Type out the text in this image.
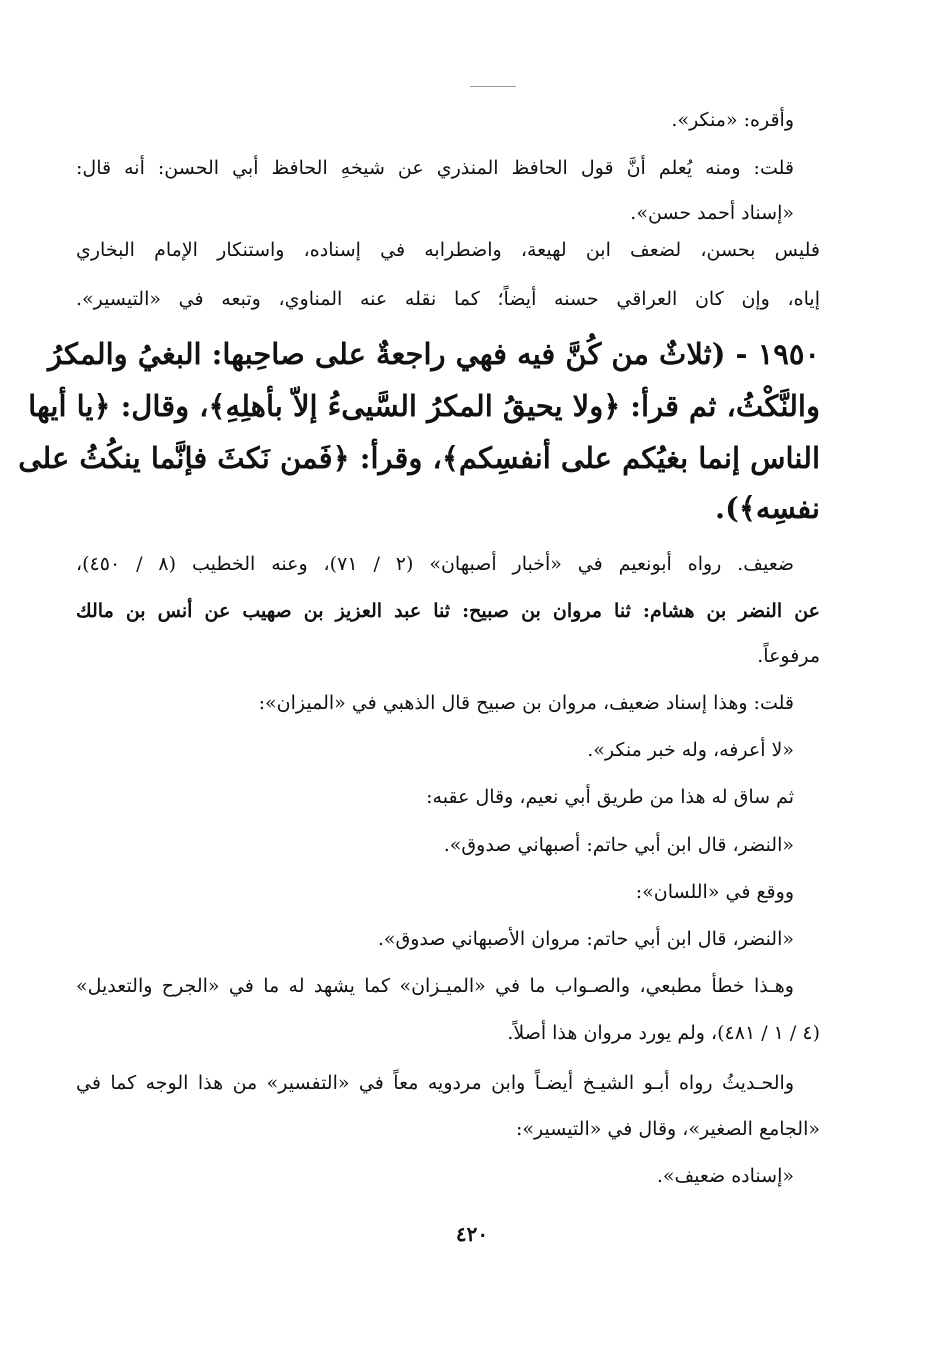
وأقره: «منكر».
قلت: ومنه يُعلم أنَّ قول الحافظ المنذري عن شيخهِ الحافظ أبي الحسن: أنه قال:
«إسناد أحمد حسن».
فليس بحسن، لضعف ابن لهيعة، واضطرابه في إسناده، واستنكار الإمام البخاري
إياه، وإن كان العراقي حسنه أيضاً؛ كما نقله عنه المناوي، وتبعه في «التيسير».
١٩٥٠ - (ثلاثٌ من كُنَّ فيه فهي راجعةٌ على صاحِبها: البغيُ والمكرُ
والنَّكْثُ، ثم قرأ: ﴿ولا يحيقُ المكرُ السَّيىءُ إلاّ بأهلِهِ﴾، وقال: ﴿يا أيها
الناس إنما بغيُكم على أنفسِكم﴾، وقرأ: ﴿فَمن نَكثَ فإنَّما ينكُثُ على
نفسِه﴾).
ضعيف. رواه أبونعيم في «أخبار أصبهان» (٢ / ٧١)، وعنه الخطيب (٨ / ٤٥٠)،
عن النضر بن هشام: ثنا مروان بن صبيح: ثنا عبد العزيز بن صهيب عن أنس بن مالك
مرفوعاً.
قلت: وهذا إسناد ضعيف، مروان بن صبيح قال الذهبي في «الميزان»:
«لا أعرفه، وله خبر منكر».
ثم ساق له هذا من طريق أبي نعيم، وقال عقبه:
«النضر، قال ابن أبي حاتم: أصبهاني صدوق».
ووقع في «اللسان»:
«النضر، قال ابن أبي حاتم: مروان الأصبهاني صدوق».
وهـذا خطأ مطبعي، والصـواب ما في «الميـزان» كما يشهد له ما في «الجرح والتعديل»
(٤ / ١ / ٤٨١)، ولم يورد مروان هذا أصلاً.
والحـديثُ رواه أبـو الشيـخ أيضـاً وابن مردويه معاً في «التفسير» من هذا الوجه كما في
«الجامع الصغير»، وقال في «التيسير»:
«إسناده ضعيف».
٤٢٠
